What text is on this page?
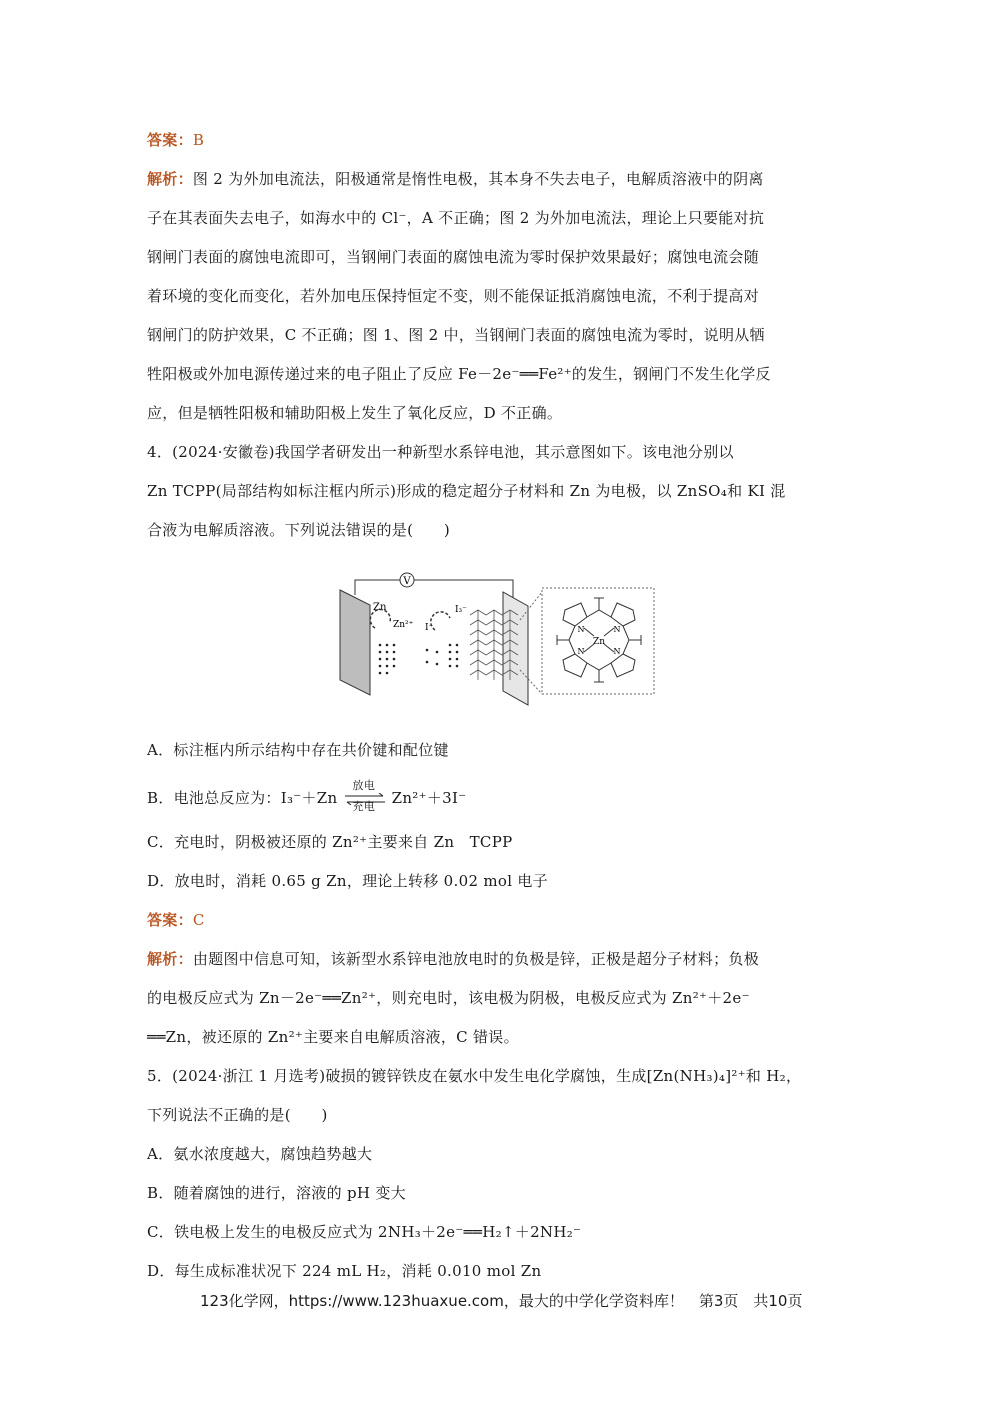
答案：B
解析：图 2 为外加电流法，阳极通常是惰性电极，其本身不失去电子，电解质溶液中的阴离
子在其表面失去电子，如海水中的 Cl⁻，A 不正确；图 2 为外加电流法，理论上只要能对抗
钢闸门表面的腐蚀电流即可，当钢闸门表面的腐蚀电流为零时保护效果最好；腐蚀电流会随
着环境的变化而变化，若外加电压保持恒定不变，则不能保证抵消腐蚀电流，不利于提高对
钢闸门的防护效果，C 不正确；图 1、图 2 中，当钢闸门表面的腐蚀电流为零时，说明从牺
牲阳极或外加电源传递过来的电子阻止了反应 Fe－2e⁻══Fe²⁺的发生，钢闸门不发生化学反
应，但是牺牲阳极和辅助阳极上发生了氧化反应，D 不正确。
4．(2024·安徽卷)我国学者研发出一种新型水系锌电池，其示意图如下。该电池分别以
Zn TCPP(局部结构如标注框内所示)形成的稳定超分子材料和 Zn 为电极，以 ZnSO₄和 KI 混
合液为电解质溶液。下列说法错误的是(　　)
V
Zn
Zn²⁺ I⁻
I₃⁻
Zn
N	N
N	N
A．标注框内所示结构中存在共价键和配位键
B．电池总反应为：I₃⁻＋Zn
放电
充电 Zn²⁺＋3I⁻
C．充电时，阴极被还原的 Zn²⁺主要来自 Zn　TCPP
D．放电时，消耗 0.65 g Zn，理论上转移 0.02 mol 电子
答案：C
解析：由题图中信息可知，该新型水系锌电池放电时的负极是锌，正极是超分子材料；负极
的电极反应式为 Zn－2e⁻══Zn²⁺，则充电时，该电极为阴极，电极反应式为 Zn²⁺＋2e⁻
══Zn，被还原的 Zn²⁺主要来自电解质溶液，C 错误。
5．(2024·浙江 1 月选考)破损的镀锌铁皮在氨水中发生电化学腐蚀，生成[Zn(NH₃)₄]²⁺和 H₂，
下列说法不正确的是(　　)
A．氨水浓度越大，腐蚀趋势越大
B．随着腐蚀的进行，溶液的 pH 变大
C．铁电极上发生的电极反应式为 2NH₃＋2e⁻══H₂↑＋2NH₂⁻
D．每生成标准状况下 224 mL H₂，消耗 0.010 mol Zn
123化学网，https://www.123huaxue.com，最大的中学化学资料库！　第3页　共10页
